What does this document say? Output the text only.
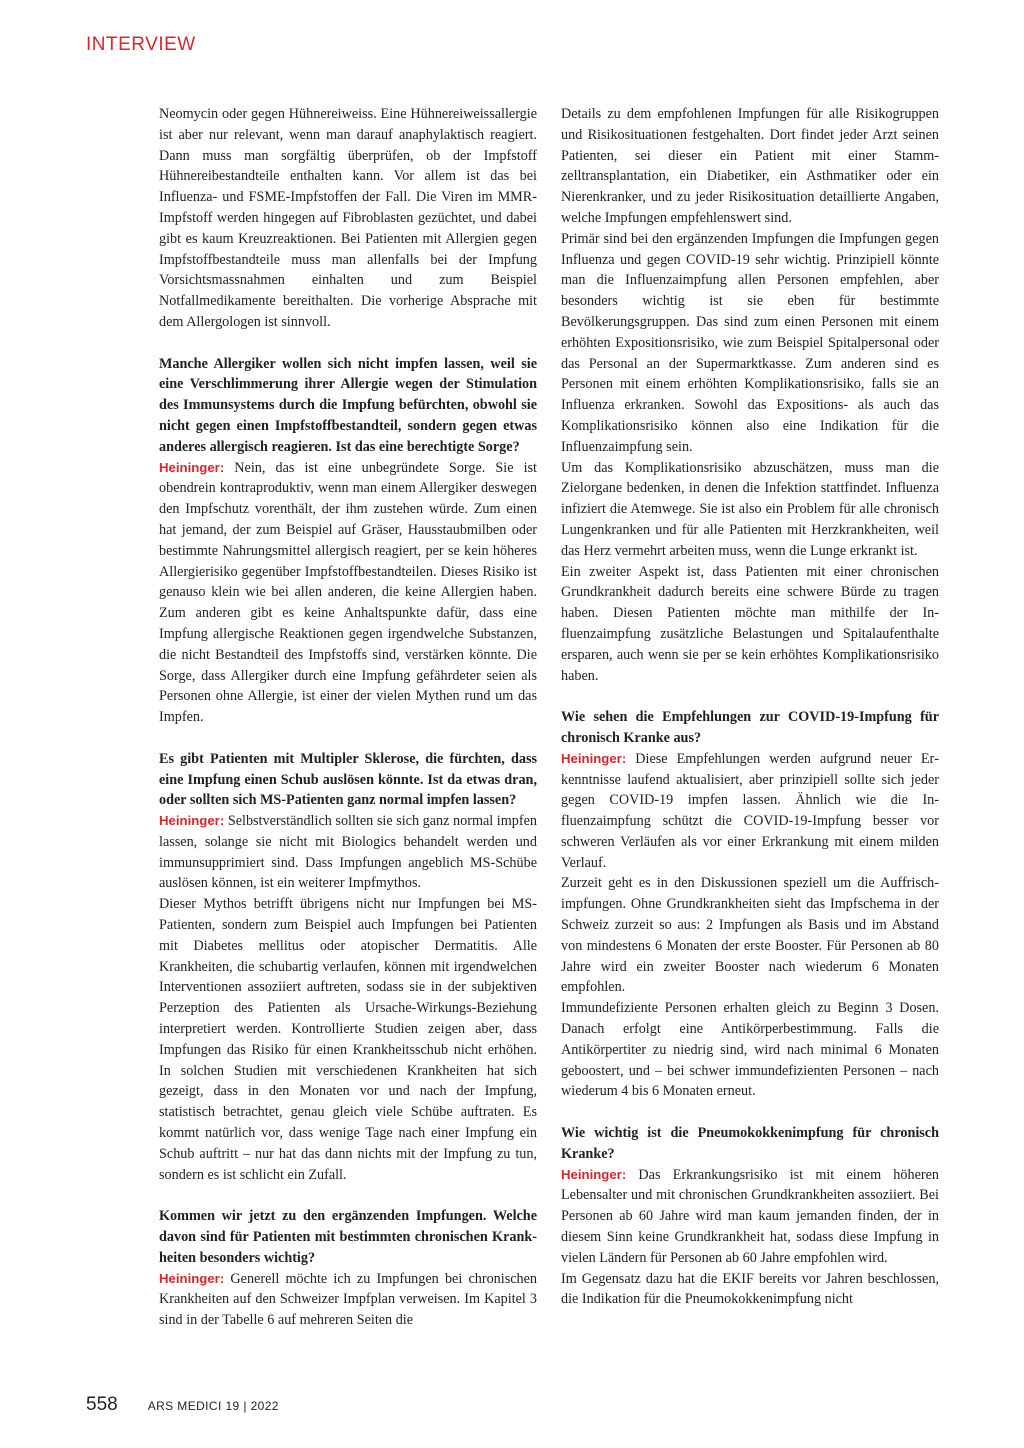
INTERVIEW

Neomycin oder gegen Hühnereiweiss. Eine Hühnereiweissallergie ist aber nur relevant, wenn man darauf anaphylaktisch reagiert. Dann muss man sorgfältig überprüfen, ob der Impfstoff Hühnereibestandteile enthalten kann. Vor allem ist das bei Influenza- und FSME-Impfstoffen der Fall. Die Viren im MMR-Impfstoff werden hingegen auf Fibroblasten gezüchtet, und dabei gibt es kaum Kreuzreaktionen. Bei Patienten mit Allergien gegen Impfstoffbestandteile muss man allenfalls bei der Impfung Vorsichtsmassnahmen einhalten und zum Beispiel Notfallmedikamente bereithalten. Die vorherige Absprache mit dem Allergologen ist sinnvoll.

Manche Allergiker wollen sich nicht impfen lassen, weil sie eine Verschlimmerung ihrer Allergie wegen der Stimulation des Immunsystems durch die Impfung befürchten, obwohl sie nicht gegen einen Impfstoffbestandteil, sondern gegen etwas anderes allergisch reagieren. Ist das eine berechtigte Sorge?

Heininger: Nein, das ist eine unbegründete Sorge. Sie ist obendrein kontraproduktiv, wenn man einem Allergiker deswegen den Impfschutz vorenthält, der ihm zustehen würde. Zum einen hat jemand, der zum Beispiel auf Gräser, Hausstaubmilben oder bestimmte Nahrungsmittel allergisch reagiert, per se kein höheres Allergierisiko gegenüber Impfstoffbestandteilen. Dieses Risiko ist genauso klein wie bei allen anderen, die keine Allergien haben. Zum anderen gibt es keine Anhaltspunkte dafür, dass eine Impfung allergische Reaktionen gegen irgendwelche Substanzen, die nicht Bestandteil des Impfstoffs sind, verstärken könnte. Die Sorge, dass Allergiker durch eine Impfung gefährdeter seien als Personen ohne Allergie, ist einer der vielen Mythen rund um das Impfen.

Es gibt Patienten mit Multipler Sklerose, die fürchten, dass eine Impfung einen Schub auslösen könnte. Ist da etwas dran, oder sollten sich MS-Patienten ganz normal impfen lassen?

Heininger: Selbstverständlich sollten sie sich ganz normal impfen lassen, solange sie nicht mit Biologics behandelt werden und immunsupprimiert sind. Dass Impfungen angeblich MS-Schübe auslösen können, ist ein weiterer Impfmythos.

Dieser Mythos betrifft übrigens nicht nur Impfungen bei MS-Patienten, sondern zum Beispiel auch Impfungen bei Patienten mit Diabetes mellitus oder atopischer Dermatitis. Alle Krankheiten, die schubartig verlaufen, können mit irgendwelchen Interventionen assoziiert auftreten, sodass sie in der subjektiven Perzeption des Patienten als Ursache-Wirkungs-Beziehung interpretiert werden. Kontrollierte Studien zeigen aber, dass Impfungen das Risiko für einen Krankheitsschub nicht erhöhen. In solchen Studien mit verschiedenen Krankheiten hat sich gezeigt, dass in den Monaten vor und nach der Impfung, statistisch betrachtet, genau gleich viele Schübe auftraten. Es kommt natürlich vor, dass wenige Tage nach einer Impfung ein Schub auftritt – nur hat das dann nichts mit der Impfung zu tun, sondern es ist schlicht ein Zufall.

Kommen wir jetzt zu den ergänzenden Impfungen. Welche davon sind für Patienten mit bestimmten chronischen Krankheiten besonders wichtig?

Heininger: Generell möchte ich zu Impfungen bei chronischen Krankheiten auf den Schweizer Impfplan verweisen. Im Kapitel 3 sind in der Tabelle 6 auf mehreren Seiten die

Details zu dem empfohlenen Impfungen für alle Risikogruppen und Risikosituationen festgehalten. Dort findet jeder Arzt seinen Patienten, sei dieser ein Patient mit einer Stammzelltransplantation, ein Diabetiker, ein Asthmatiker oder ein Nierenkranker, und zu jeder Risikosituation detaillierte Angaben, welche Impfungen empfehlenswert sind.

Primär sind bei den ergänzenden Impfungen die Impfungen gegen Influenza und gegen COVID-19 sehr wichtig. Prinzipiell könnte man die Influenzaimpfung allen Personen empfehlen, aber besonders wichtig ist sie eben für bestimmte Bevölkerungsgruppen. Das sind zum einen Personen mit einem erhöhten Expositionsrisiko, wie zum Beispiel Spitalpersonal oder das Personal an der Supermarktkasse. Zum anderen sind es Personen mit einem erhöhten Komplikationsrisiko, falls sie an Influenza erkranken. Sowohl das Expositions- als auch das Komplikationsrisiko können also eine Indikation für die Influenzaimpfung sein.

Um das Komplikationsrisiko abzuschätzen, muss man die Zielorgane bedenken, in denen die Infektion stattfindet. Influenza infiziert die Atemwege. Sie ist also ein Problem für alle chronisch Lungenkranken und für alle Patienten mit Herzkrankheiten, weil das Herz vermehrt arbeiten muss, wenn die Lunge erkrankt ist.

Ein zweiter Aspekt ist, dass Patienten mit einer chronischen Grundkrankheit dadurch bereits eine schwere Bürde zu tragen haben. Diesen Patienten möchte man mithilfe der Influenzaimpfung zusätzliche Belastungen und Spitalaufenthalte ersparen, auch wenn sie per se kein erhöhtes Komplikationsrisiko haben.

Wie sehen die Empfehlungen zur COVID-19-Impfung für chronisch Kranke aus?

Heininger: Diese Empfehlungen werden aufgrund neuer Erkenntnisse laufend aktualisiert, aber prinzipiell sollte sich jeder gegen COVID-19 impfen lassen. Ähnlich wie die Influenzaimpfung schützt die COVID-19-Impfung besser vor schweren Verläufen als vor einer Erkrankung mit einem milden Verlauf.

Zurzeit geht es in den Diskussionen speziell um die Auffrischimpfungen. Ohne Grundkrankheiten sieht das Impfschema in der Schweiz zurzeit so aus: 2 Impfungen als Basis und im Abstand von mindestens 6 Monaten der erste Booster. Für Personen ab 80 Jahre wird ein zweiter Booster nach wiederum 6 Monaten empfohlen.

Immundefiziente Personen erhalten gleich zu Beginn 3 Dosen. Danach erfolgt eine Antikörperbestimmung. Falls die Antikörpertiter zu niedrig sind, wird nach minimal 6 Monaten geboostert, und – bei schwer immundefizienten Personen – nach wiederum 4 bis 6 Monaten erneut.

Wie wichtig ist die Pneumokokkenimpfung für chronisch Kranke?

Heininger: Das Erkrankungsrisiko ist mit einem höheren Lebensalter und mit chronischen Grundkrankheiten assoziiert. Bei Personen ab 60 Jahre wird man kaum jemanden finden, der in diesem Sinn keine Grundkrankheit hat, sodass diese Impfung in vielen Ländern für Personen ab 60 Jahre empfohlen wird.

Im Gegensatz dazu hat die EKIF bereits vor Jahren beschlossen, die Indikation für die Pneumokokkenimpfung nicht

558	ARS MEDICI 19 | 2022
